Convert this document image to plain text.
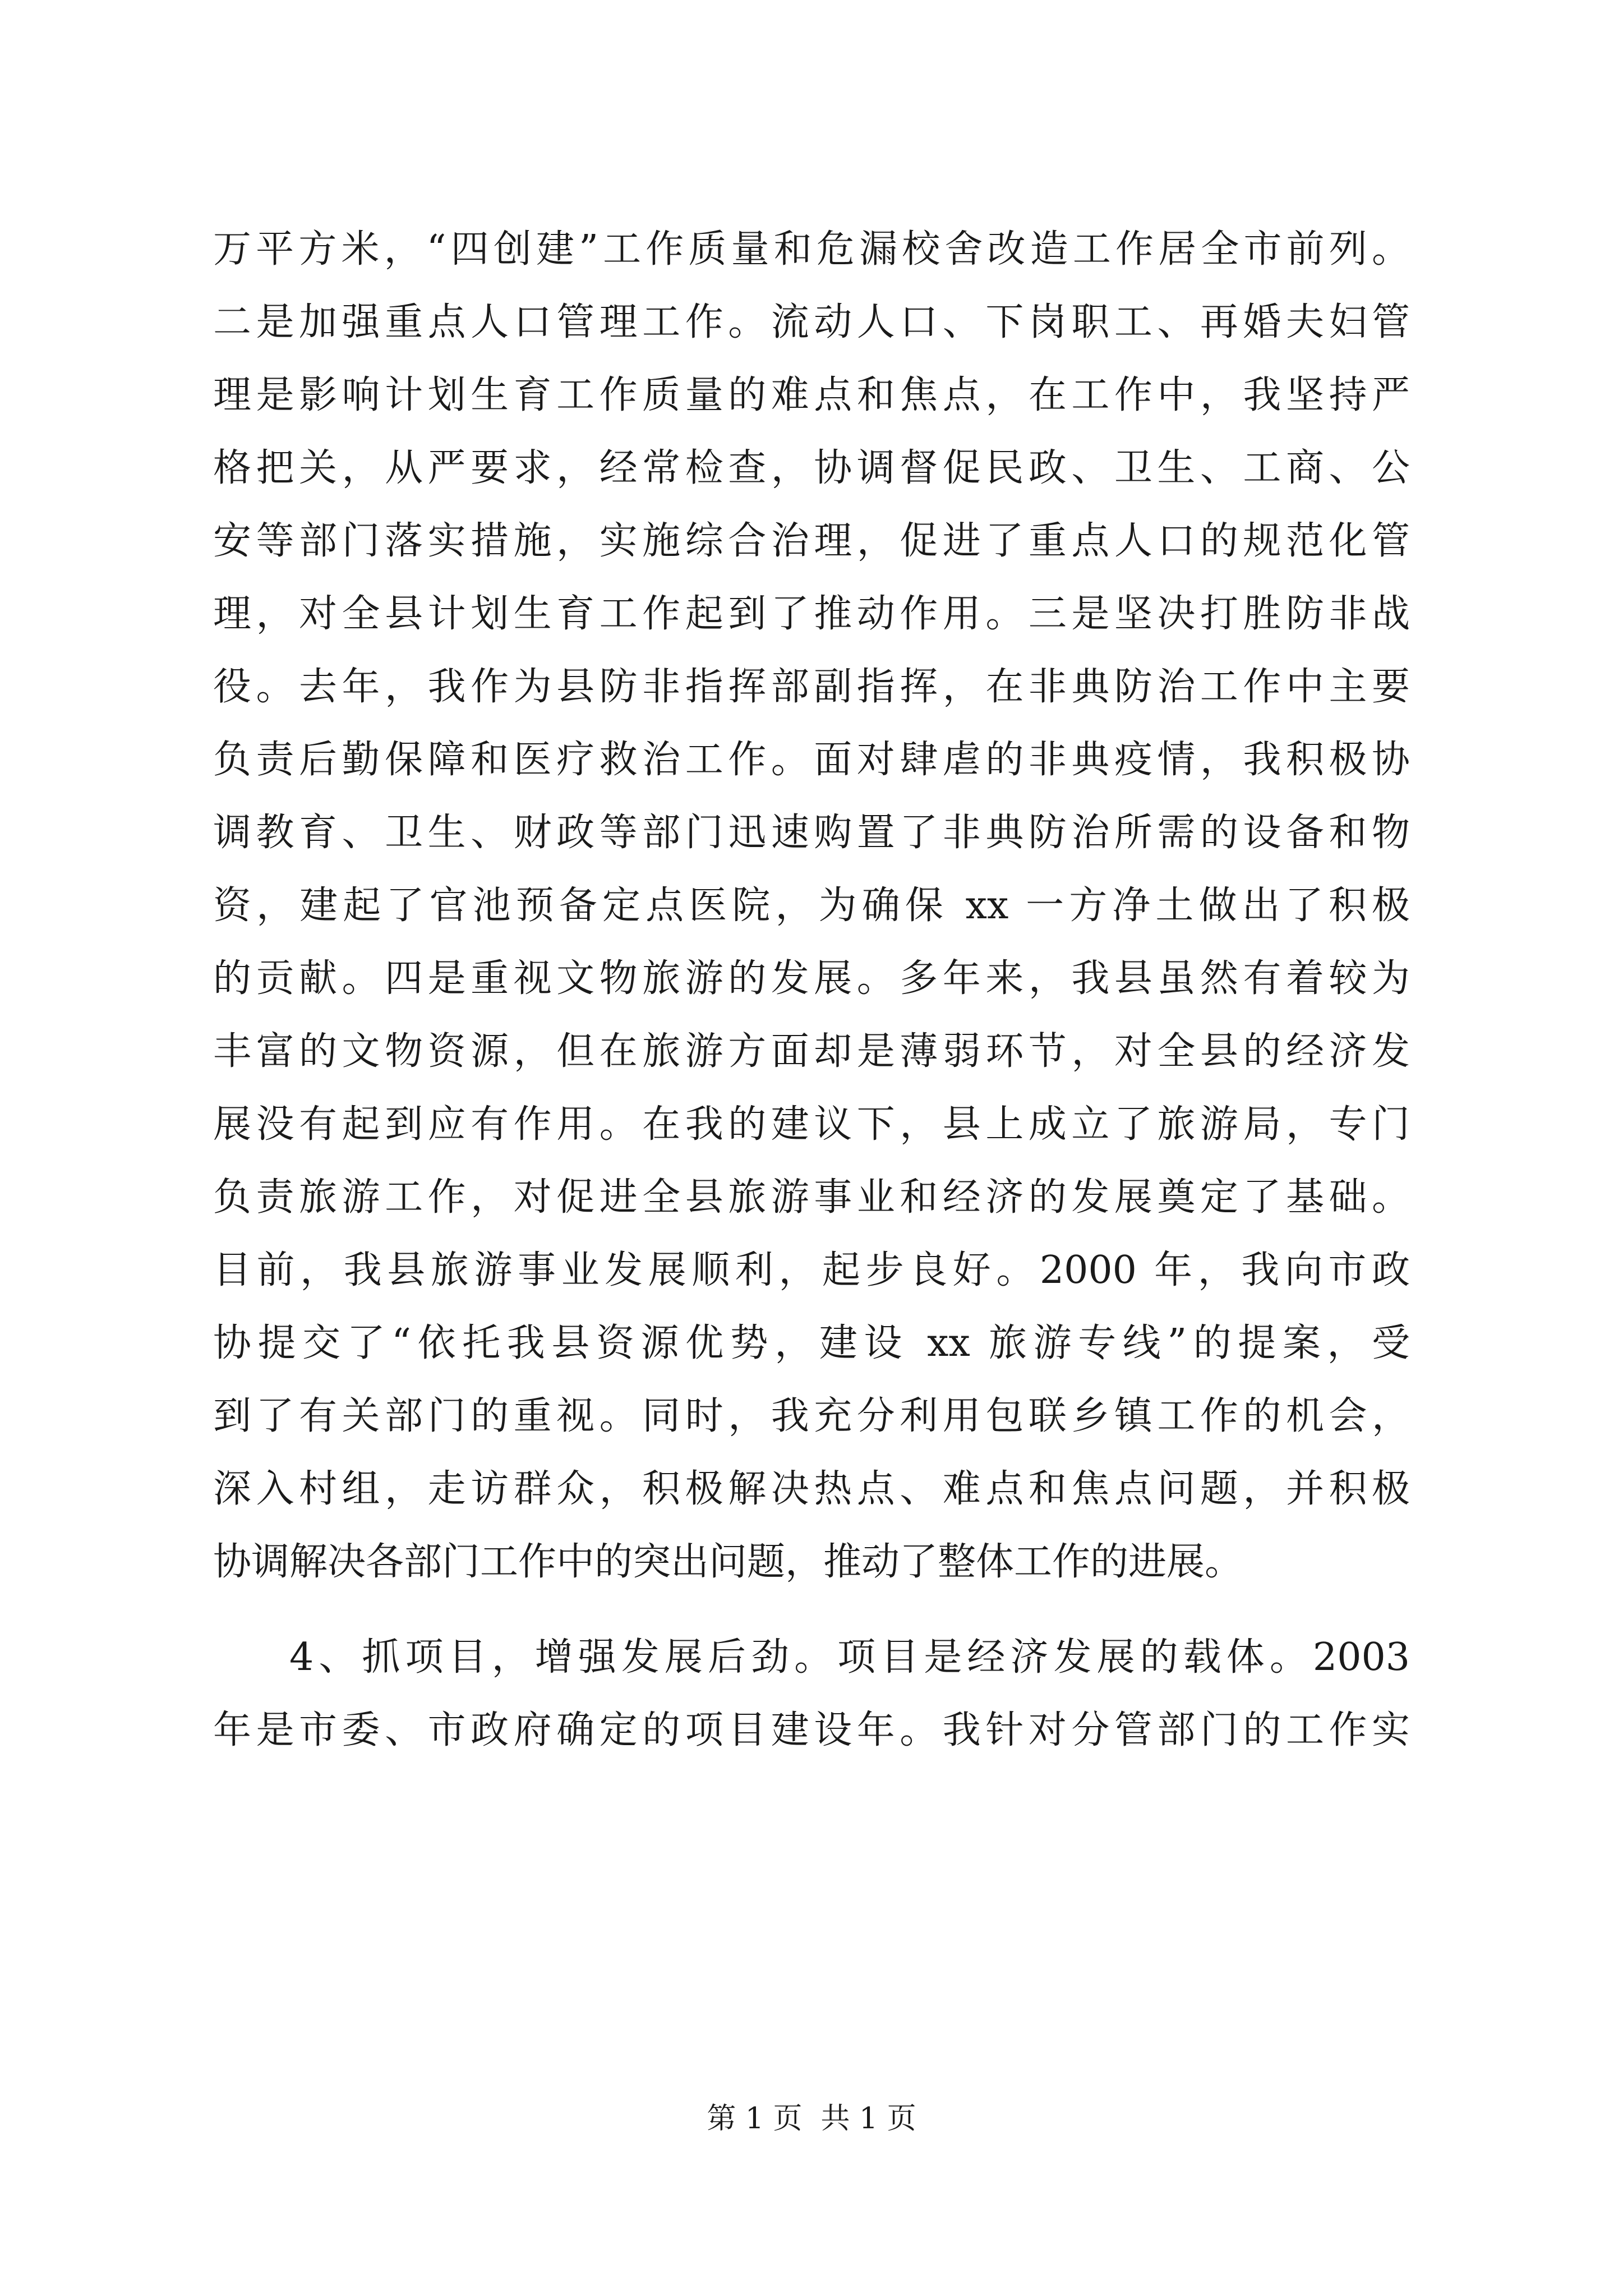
万平方米，“四创建”工作质量和危漏校舍改造工作居全市前列。
二是加强重点人口管理工作。流动人口、下岗职工、再婚夫妇管
理是影响计划生育工作质量的难点和焦点，在工作中，我坚持严
格把关，从严要求，经常检查，协调督促民政、卫生、工商、公
安等部门落实措施，实施综合治理，促进了重点人口的规范化管
理，对全县计划生育工作起到了推动作用。三是坚决打胜防非战
役。去年，我作为县防非指挥部副指挥，在非典防治工作中主要
负责后勤保障和医疗救治工作。面对肆虐的非典疫情，我积极协
调教育、卫生、财政等部门迅速购置了非典防治所需的设备和物
资，建起了官池预备定点医院，为确保 xx 一方净土做出了积极
的贡献。四是重视文物旅游的发展。多年来，我县虽然有着较为
丰富的文物资源，但在旅游方面却是薄弱环节，对全县的经济发
展没有起到应有作用。在我的建议下，县上成立了旅游局，专门
负责旅游工作，对促进全县旅游事业和经济的发展奠定了基础。
目前，我县旅游事业发展顺利，起步良好。2000 年，我向市政
协提交了“依托我县资源优势，建设 xx 旅游专线”的提案，受
到了有关部门的重视。同时，我充分利用包联乡镇工作的机会，
深入村组，走访群众，积极解决热点、难点和焦点问题，并积极
协调解决各部门工作中的突出问题，推动了整体工作的进展。
4、抓项目，增强发展后劲。项目是经济发展的载体。2003
年是市委、市政府确定的项目建设年。我针对分管部门的工作实
第 1 页  共 1 页
